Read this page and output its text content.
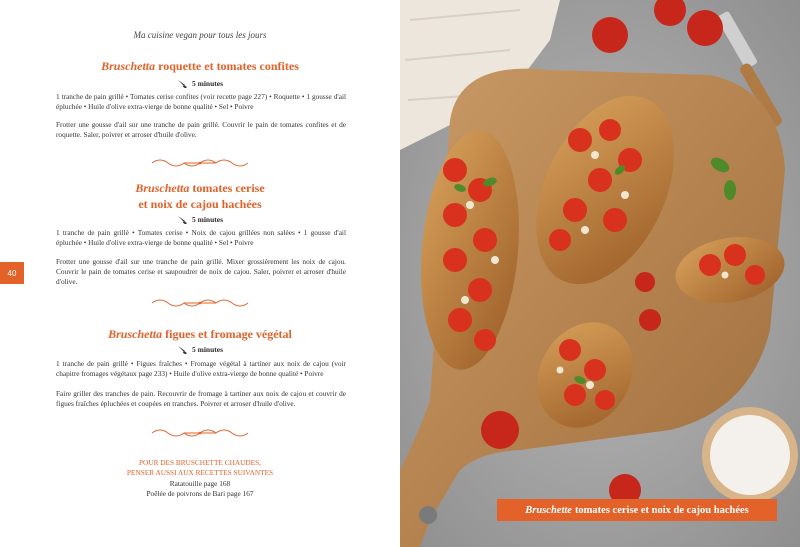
Ma cuisine vegan pour tous les jours
Bruschetta roquette et tomates confites
5 minutes
1 tranche de pain grillé • Tomates cerise confites (voir recette page 227) • Roquette • 1 gousse d'ail épluchée • Huile d'olive extra-vierge de bonne qualité • Sel • Poivre
Frotter une gousse d'ail sur une tranche de pain grillé. Couvrir le pain de tomates confites et de roquette. Saler, poivrer et arroser d'huile d'olive.
Bruschetta tomates cerise
et noix de cajou hachées
5 minutes
1 tranche de pain grillé • Tomates cerise • Noix de cajou grillées non salées • 1 gousse d'ail épluchée • Huile d'olive extra-vierge de bonne qualité • Sel • Poivre
Frotter une gousse d'ail sur une tranche de pain grillé. Mixer grossièrement les noix de cajou. Couvrir le pain de tomates cerise et saupoudrer de noix de cajou. Saler, poivrer et arroser d'huile d'olive.
Bruschetta figues et fromage végétal
5 minutes
1 tranche de pain grillé • Figues fraîches • Fromage végétal à tartiner aux noix de cajou (voir chapitre fromages végétaux page 233) • Huile d'olive extra-vierge de bonne qualité • Poivre
Faire griller des tranches de pain. Recouvrir de fromage à tartiner aux noix de cajou et couvrir de figues fraîches épluchées et coupées en tranches. Poivrer et arroser d'huile d'olive.
POUR DES BRUSCHETTE CHAUDES,
PENSER AUSSI AUX RECETTES SUIVANTES
Ratatouille page 168
Poêlée de poivrons de Bari page 167
40
Bruschette tomates cerise et noix de cajou hachées
